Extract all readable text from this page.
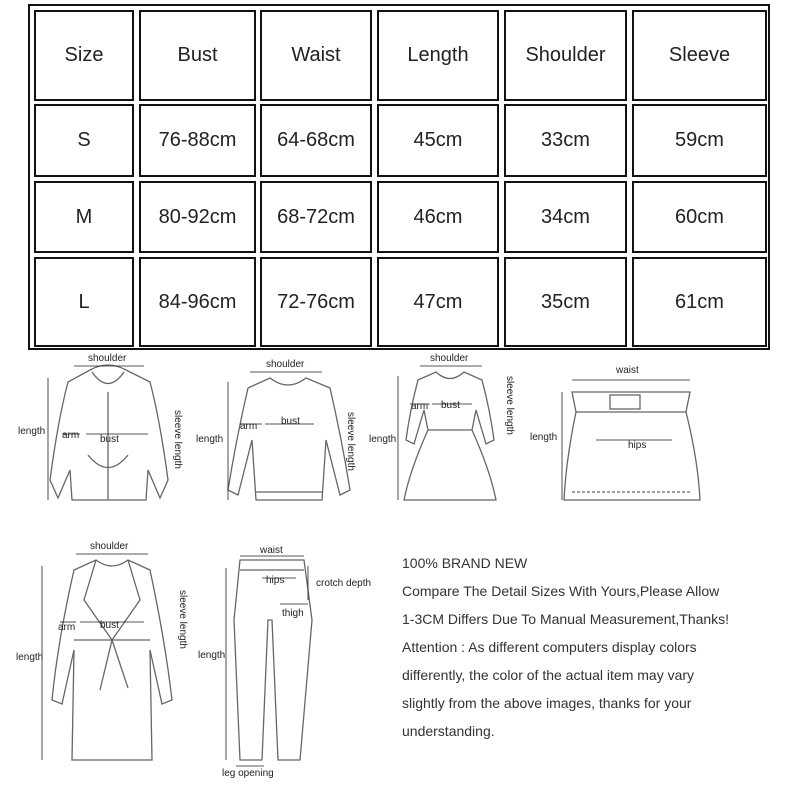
Size	Bust	Waist	Length	Shoulder	Sleeve
S	76-88cm	64-68cm	45cm	33cm	59cm
M	80-92cm	68-72cm	46cm	34cm	60cm
L	84-96cm	72-76cm	47cm	35cm	61cm
shoulder
length arm bust	sleeve length
shoulder
length
arm bust	sleeve length
shoulder
length
arm bust	sleeve length
waist
length
hips
shoulder
length
arm bust	sleeve length
waist
hips	crotch depth
thigh
length
leg opening
100% BRAND NEW
Compare The Detail Sizes With Yours,Please Allow
1-3CM Differs Due To Manual Measurement,Thanks!
Attention : As different computers display colors
differently, the color of the actual item may vary
slightly from the above images, thanks for your
understanding.
